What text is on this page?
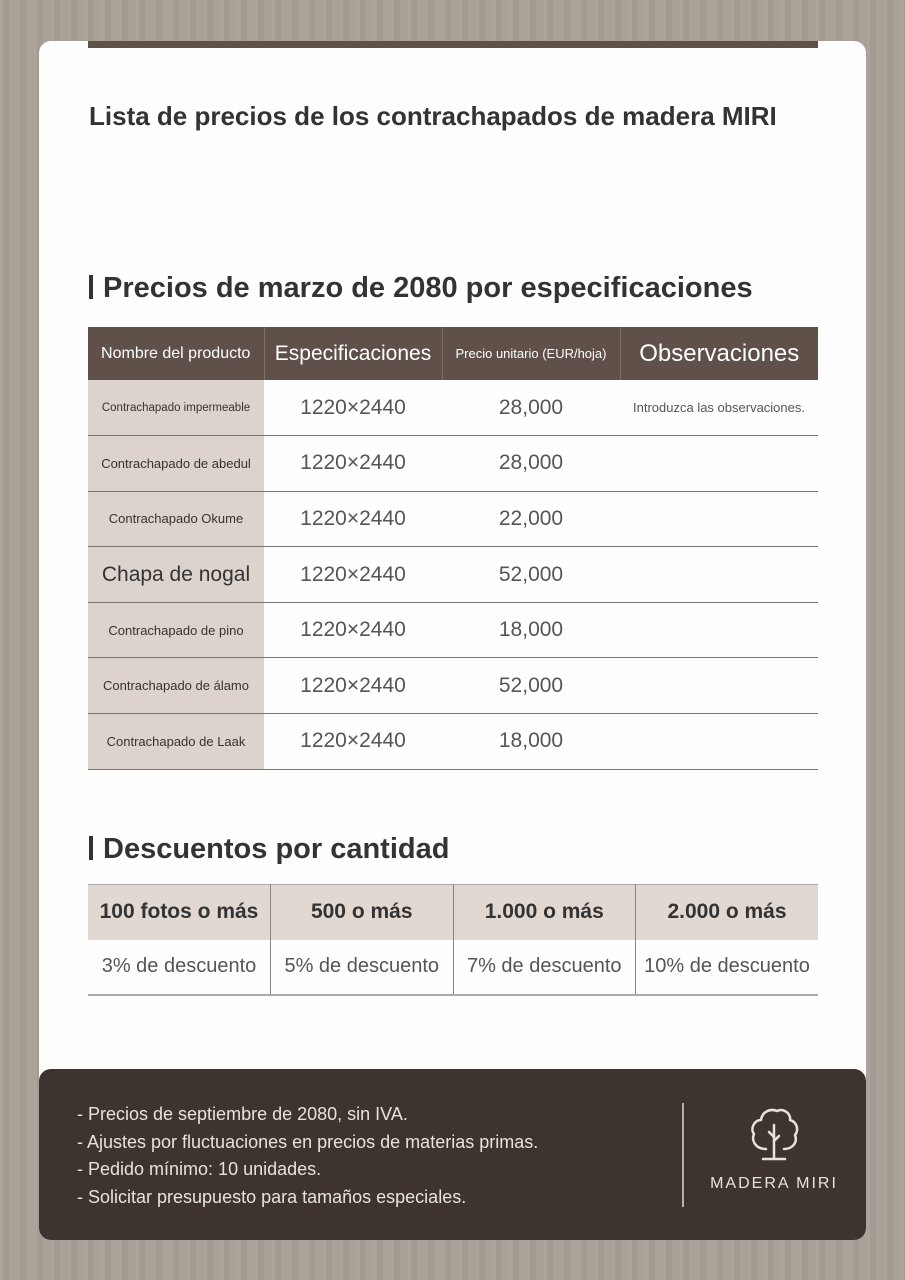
Lista de precios de los contrachapados de madera MIRI
Precios de marzo de 2080 por especificaciones
Nombre del producto	Especificaciones	Precio unitario (EUR/hoja)	Observaciones
Contrachapado impermeable	1220×2440	28,000	Introduzca las observaciones.
Contrachapado de abedul	1220×2440	28,000	
Contrachapado Okume	1220×2440	22,000	
Chapa de nogal	1220×2440	52,000	
Contrachapado de pino	1220×2440	18,000	
Contrachapado de álamo	1220×2440	52,000	
Contrachapado de Laak	1220×2440	18,000	
Descuentos por cantidad
100 fotos o más	500 o más	1.000 o más	2.000 o más
3% de descuento	5% de descuento	7% de descuento	10% de descuento
- Precios de septiembre de 2080, sin IVA.
- Ajustes por fluctuaciones en precios de materias primas.
- Pedido mínimo: 10 unidades.
- Solicitar presupuesto para tamaños especiales.
MADERA MIRI
